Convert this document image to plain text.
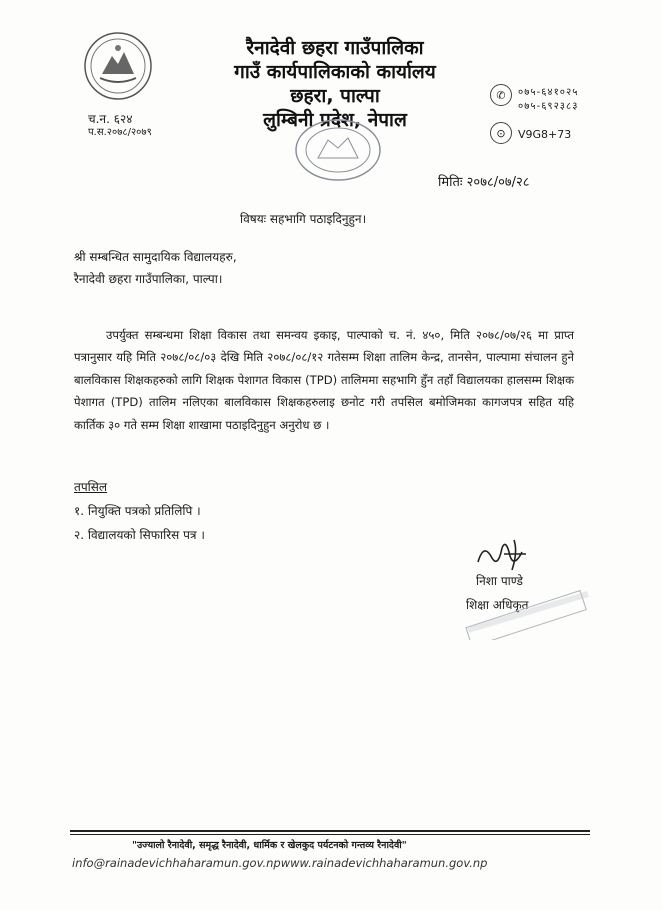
रैनादेवी छहरा गाउँपालिका
गाउँ कार्यपालिकाको कार्यालय
छहरा, पाल्पा
लुम्बिनी प्रदेश, नेपाल
च.न. ६२४
प.स.२०७८/२०७९
✆	०७५-६४१०२५
०७५-६९२३८३
⊙	V9G8+73
मितिः २०७८/०७/२८
विषयः सहभागि पठाइदिनुहुन।
श्री सम्बन्धित सामुदायिक विद्यालयहरु,
रैनादेवी छहरा गाउँपालिका, पाल्पा।
उपर्युक्त सम्बन्धमा शिक्षा विकास तथा समन्वय इकाइ, पाल्पाको च. नं. ४५०, मिति २०७८/०७/२६ मा प्राप्त पत्रानुसार यहि मिति २०७८/०८/०३ देखि मिति २०७८/०८/१२ गतेसम्म शिक्षा तालिम केन्द्र, तानसेन, पाल्पामा संचालन हुने बालविकास शिक्षकहरुको लागि शिक्षक पेशागत विकास (TPD) तालिममा सहभागि हुँन तहाँ विद्यालयका हालसम्म शिक्षक पेशागत (TPD) तालिम नलिएका बालविकास शिक्षकहरुलाइ छनोट गरी तपसिल बमोजिमका कागजपत्र सहित यहि कार्तिक ३० गते सम्म शिक्षा शाखामा पठाइदिनुहुन अनुरोध छ ।
तपसिल
१. नियुक्ति पत्रको प्रतिलिपि ।
२. विद्यालयको सिफारिस पत्र ।
निशा पाण्डे
शिक्षा अधिकृत
"उज्यालो रैनादेवी, समृद्ध रैनादेवी, धार्मिक र खेलकुद पर्यटनको गन्तव्य रैनादेवी"
info@rainadevichhaharamun.gov.npwww.rainadevichhaharamun.gov.np
